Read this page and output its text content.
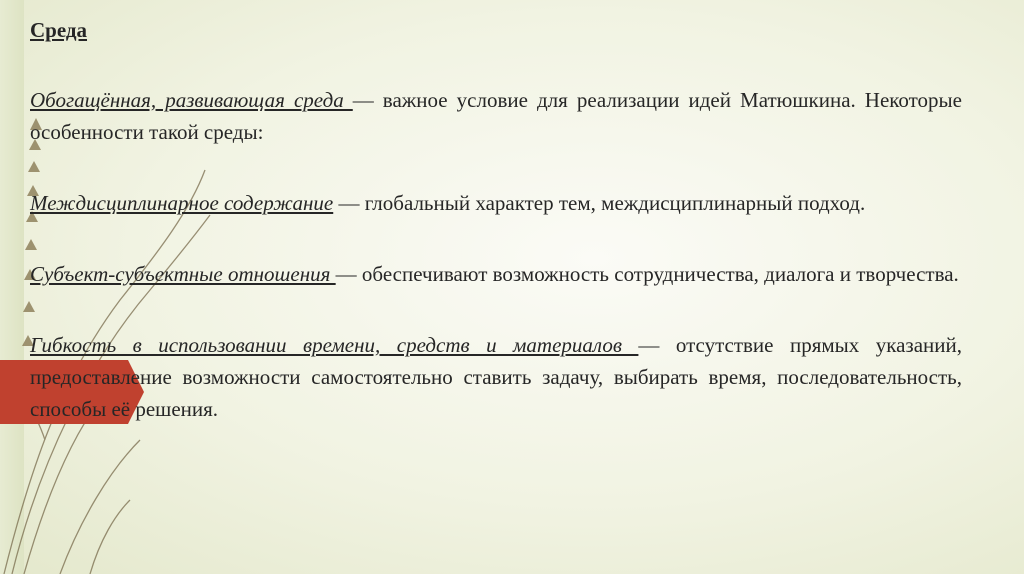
Среда
Обогащённая, развивающая среда — важное условие для реализации идей Матюшкина. Некоторые особенности такой среды:
Междисциплинарное содержание — глобальный характер тем, междисциплинарный подход.
Субъект-субъектные отношения — обеспечивают возможность сотрудничества, диалога и творчества.
Гибкость в использовании времени, средств и материалов — отсутствие прямых указаний, предоставление возможности самостоятельно ставить задачу, выбирать время, последовательность, способы её решения.
